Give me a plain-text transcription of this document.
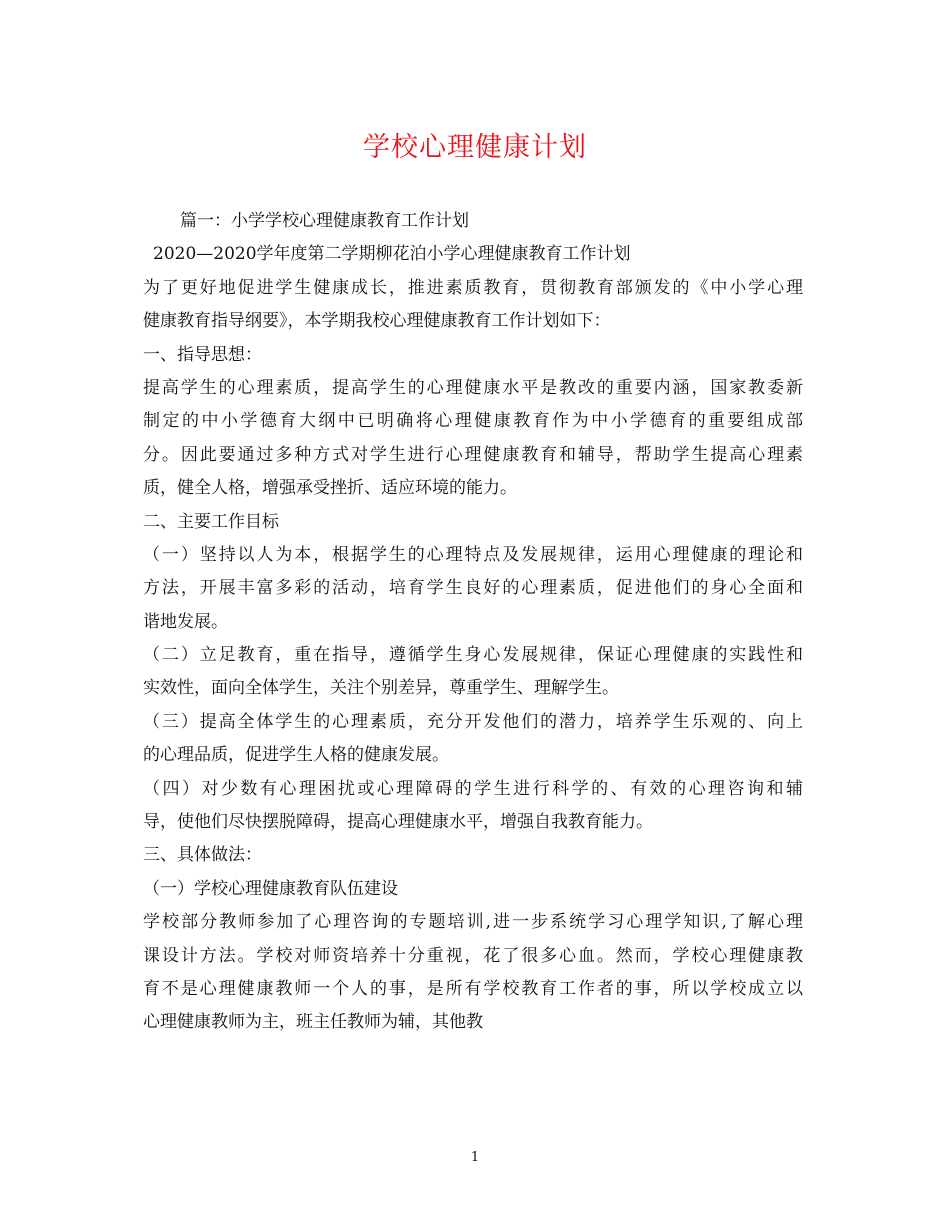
学校心理健康计划
篇一：小学学校心理健康教育工作计划
2020—2020学年度第二学期柳花泊小学心理健康教育工作计划
为了更好地促进学生健康成长，推进素质教育，贯彻教育部颁发的《中小学心理
健康教育指导纲要》，本学期我校心理健康教育工作计划如下：
一、指导思想：
提高学生的心理素质，提高学生的心理健康水平是教改的重要内涵，国家教委新
制定的中小学德育大纲中已明确将心理健康教育作为中小学德育的重要组成部
分。因此要通过多种方式对学生进行心理健康教育和辅导，帮助学生提高心理素
质，健全人格，增强承受挫折、适应环境的能力。
二、主要工作目标
（一）坚持以人为本，根据学生的心理特点及发展规律，运用心理健康的理论和
方法，开展丰富多彩的活动，培育学生良好的心理素质，促进他们的身心全面和
谐地发展。
（二）立足教育，重在指导，遵循学生身心发展规律，保证心理健康的实践性和
实效性，面向全体学生，关注个别差异，尊重学生、理解学生。
（三）提高全体学生的心理素质，充分开发他们的潜力，培养学生乐观的、向上
的心理品质，促进学生人格的健康发展。
（四）对少数有心理困扰或心理障碍的学生进行科学的、有效的心理咨询和辅
导，使他们尽快摆脱障碍，提高心理健康水平，增强自我教育能力。
三、具体做法：
（一）学校心理健康教育队伍建设
学校部分教师参加了心理咨询的专题培训,进一步系统学习心理学知识,了解心理
课设计方法。学校对师资培养十分重视，花了很多心血。然而，学校心理健康教
育不是心理健康教师一个人的事，是所有学校教育工作者的事，所以学校成立以
心理健康教师为主，班主任教师为辅，其他教
1
